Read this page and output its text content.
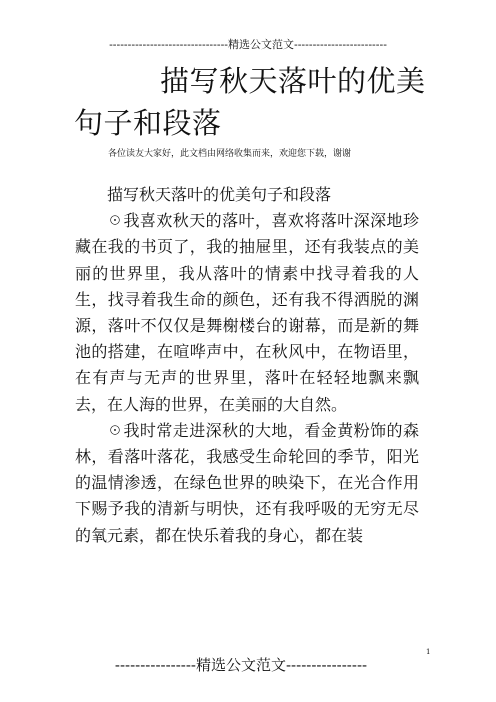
--------------------------------精选公文范文-------------------------
描写秋天落叶的优美句子和段落
各位读友大家好，此文档由网络收集而来，欢迎您下载，谢谢

描写秋天落叶的优美句子和段落

☉我喜欢秋天的落叶，喜欢将落叶深深地珍藏在我的书页了，我的抽屉里，还有我装点的美丽的世界里，我从落叶的情素中找寻着我的人生，找寻着我生命的颜色，还有我不得洒脱的渊源，落叶不仅仅是舞榭楼台的谢幕，而是新的舞池的搭建，在喧哗声中，在秋风中，在物语里，在有声与无声的世界里，落叶在轻轻地飘来飘去，在人海的世界，在美丽的大自然。

☉我时常走进深秋的大地，看金黄粉饰的森林，看落叶落花，我感受生命轮回的季节，阳光的温情渗透，在绿色世界的映染下，在光合作用下赐予我的清新与明快，还有我呼吸的无穷无尽的氧元素，都在快乐着我的身心，都在装

----------------精选公文范文----------------
1
